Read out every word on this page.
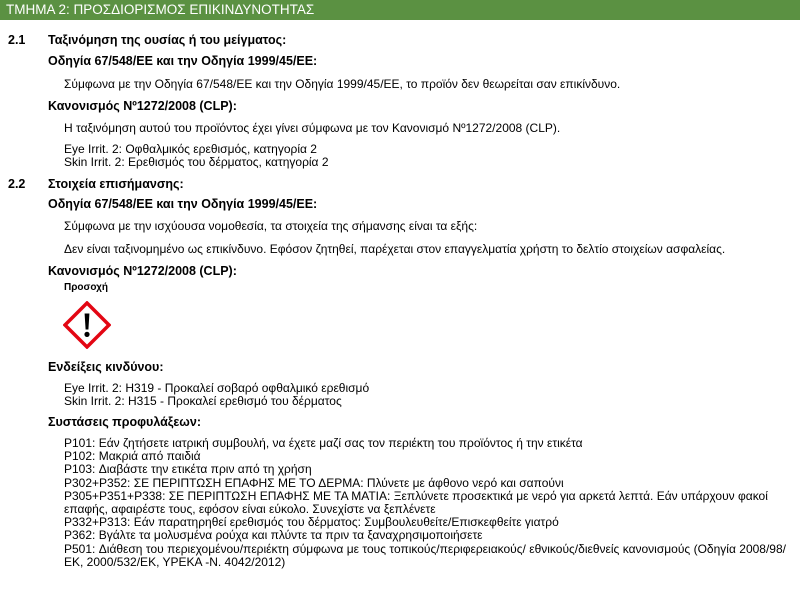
ΤΜΗΜΑ 2: ΠΡΟΣΔΙΟΡΙΣΜΟΣ ΕΠΙΚΙΝΔΥΝΟΤΗΤΑΣ
2.1 Ταξινόμηση της ουσίας ή του μείγματος:
Οδηγία 67/548/ΕΕ και την Οδηγία 1999/45/ΕΕ:
Σύμφωνα με την Οδηγία 67/548/ΕΕ και την Οδηγία 1999/45/ΕΕ, το προϊόν δεν θεωρείται σαν επικίνδυνο.
Κανονισμός Nº1272/2008 (CLP):
Η ταξινόμηση αυτού του προϊόντος έχει γίνει σύμφωνα με τον Κανονισμό Nº1272/2008 (CLP).
Eye Irrit. 2: Οφθαλμικός ερεθισμός, κατηγορία 2
Skin Irrit. 2: Ερεθισμός του δέρματος, κατηγορία 2
2.2 Στοιχεία επισήμανσης:
Οδηγία 67/548/ΕΕ και την Οδηγία 1999/45/ΕΕ:
Σύμφωνα με την ισχύουσα νομοθεσία, τα στοιχεία της σήμανσης είναι τα εξής:
Δεν είναι ταξινομημένο ως επικίνδυνο. Εφόσον ζητηθεί, παρέχεται στον επαγγελματία χρήστη το δελτίο στοιχείων ασφαλείας.
Κανονισμός Nº1272/2008 (CLP):
Προσοχή
Ενδείξεις κινδύνου:
Eye Irrit. 2: H319 - Προκαλεί σοβαρό οφθαλμικό ερεθισμό
Skin Irrit. 2: H315 - Προκαλεί ερεθισμό του δέρματος
Συστάσεις προφυλάξεων:
P101: Εάν ζητήσετε ιατρική συμβουλή, να έχετε μαζί σας τον περιέκτη του προϊόντος ή την ετικέτα
P102: Μακριά από παιδιά
P103: Διαβάστε την ετικέτα πριν από τη χρήση
P302+P352: ΣΕ ΠΕΡΙΠΤΩΣΗ ΕΠΑΦΗΣ ΜΕ ΤΟ ΔΕΡΜΑ: Πλύνετε με άφθονο νερό και σαπούνι
P305+P351+P338: ΣΕ ΠΕΡΙΠΤΩΣΗ ΕΠΑΦΗΣ ΜΕ ΤΑ ΜΑΤΙΑ: Ξεπλύνετε προσεκτικά με νερό για αρκετά λεπτά. Εάν υπάρχουν φακοί επαφής, αφαιρέστε τους, εφόσον είναι εύκολο. Συνεχίστε να ξεπλένετε
P332+P313: Εάν παρατηρηθεί ερεθισμός του δέρματος: Συμβουλευθείτε/Επισκεφθείτε γιατρό
P362: Βγάλτε τα μολυσμένα ρούχα και πλύντε τα πριν τα ξαναχρησιμοποιήσετε
P501: Διάθεση του περιεχομένου/περιέκτη σύμφωνα με τους τοπικούς/περιφερειακούς/ εθνικούς/διεθνείς κανονισμούς (Οδηγία 2008/98/ΕΚ, 2000/532/ΕΚ, ΥΡΕΚΑ -Ν. 4042/2012)
